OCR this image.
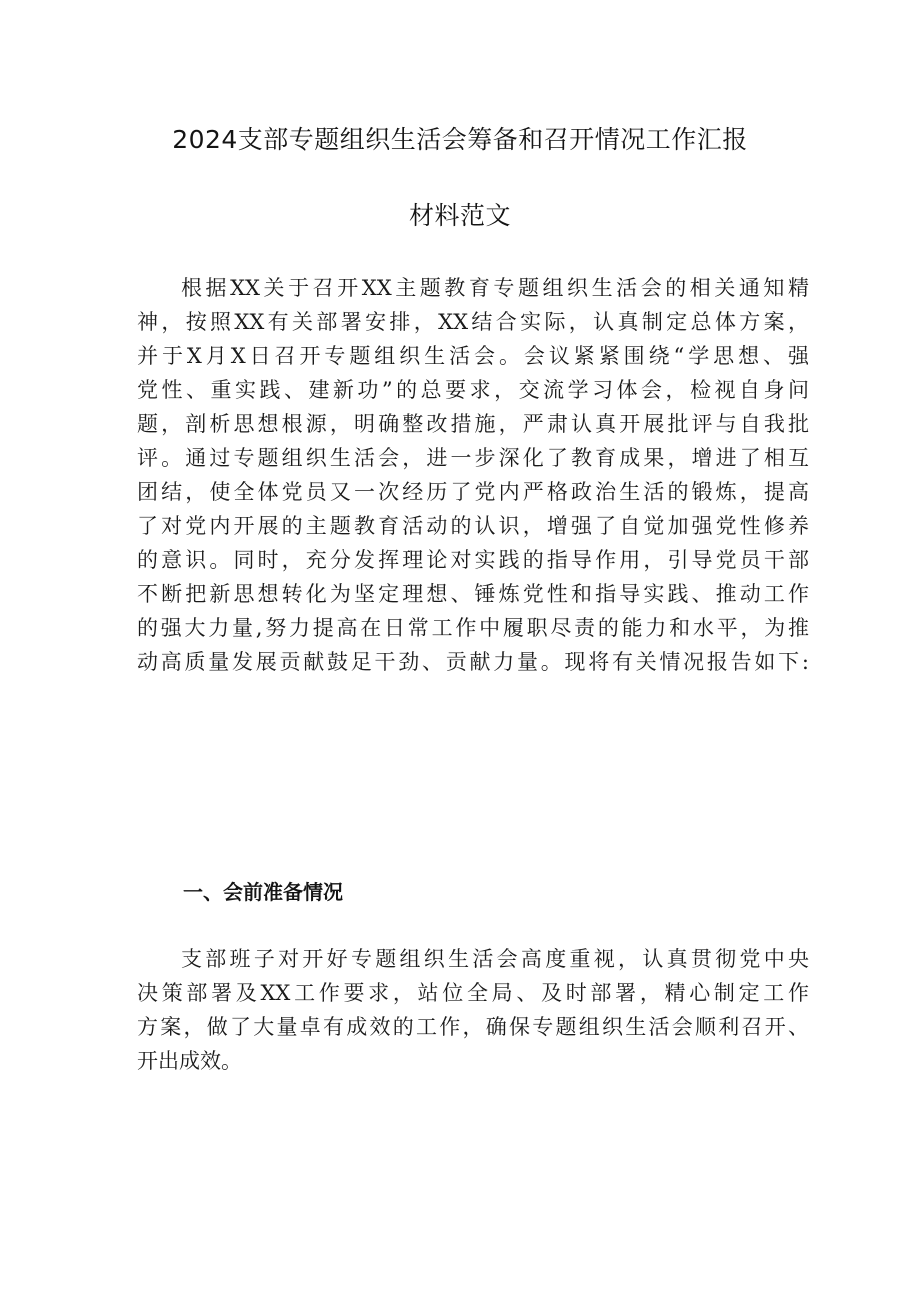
2024支部专题组织生活会筹备和召开情况工作汇报
材料范文
根据XX关于召开XX主题教育专题组织生活会的相关通知精
神，按照XX有关部署安排，XX结合实际，认真制定总体方案，
并于X月X日召开专题组织生活会。会议紧紧围绕“学思想、强
党性、重实践、建新功”的总要求，交流学习体会，检视自身问
题，剖析思想根源，明确整改措施，严肃认真开展批评与自我批
评。通过专题组织生活会，进一步深化了教育成果，增进了相互
团结，使全体党员又一次经历了党内严格政治生活的锻炼，提高
了对党内开展的主题教育活动的认识，增强了自觉加强党性修养
的意识。同时，充分发挥理论对实践的指导作用，引导党员干部
不断把新思想转化为坚定理想、锤炼党性和指导实践、推动工作
的强大力量,努力提高在日常工作中履职尽责的能力和水平，为推
动高质量发展贡献鼓足干劲、贡献力量。现将有关情况报告如下:
一、会前准备情况
支部班子对开好专题组织生活会高度重视，认真贯彻党中央
决策部署及XX工作要求，站位全局、及时部署，精心制定工作
方案，做了大量卓有成效的工作，确保专题组织生活会顺利召开、
开出成效。
